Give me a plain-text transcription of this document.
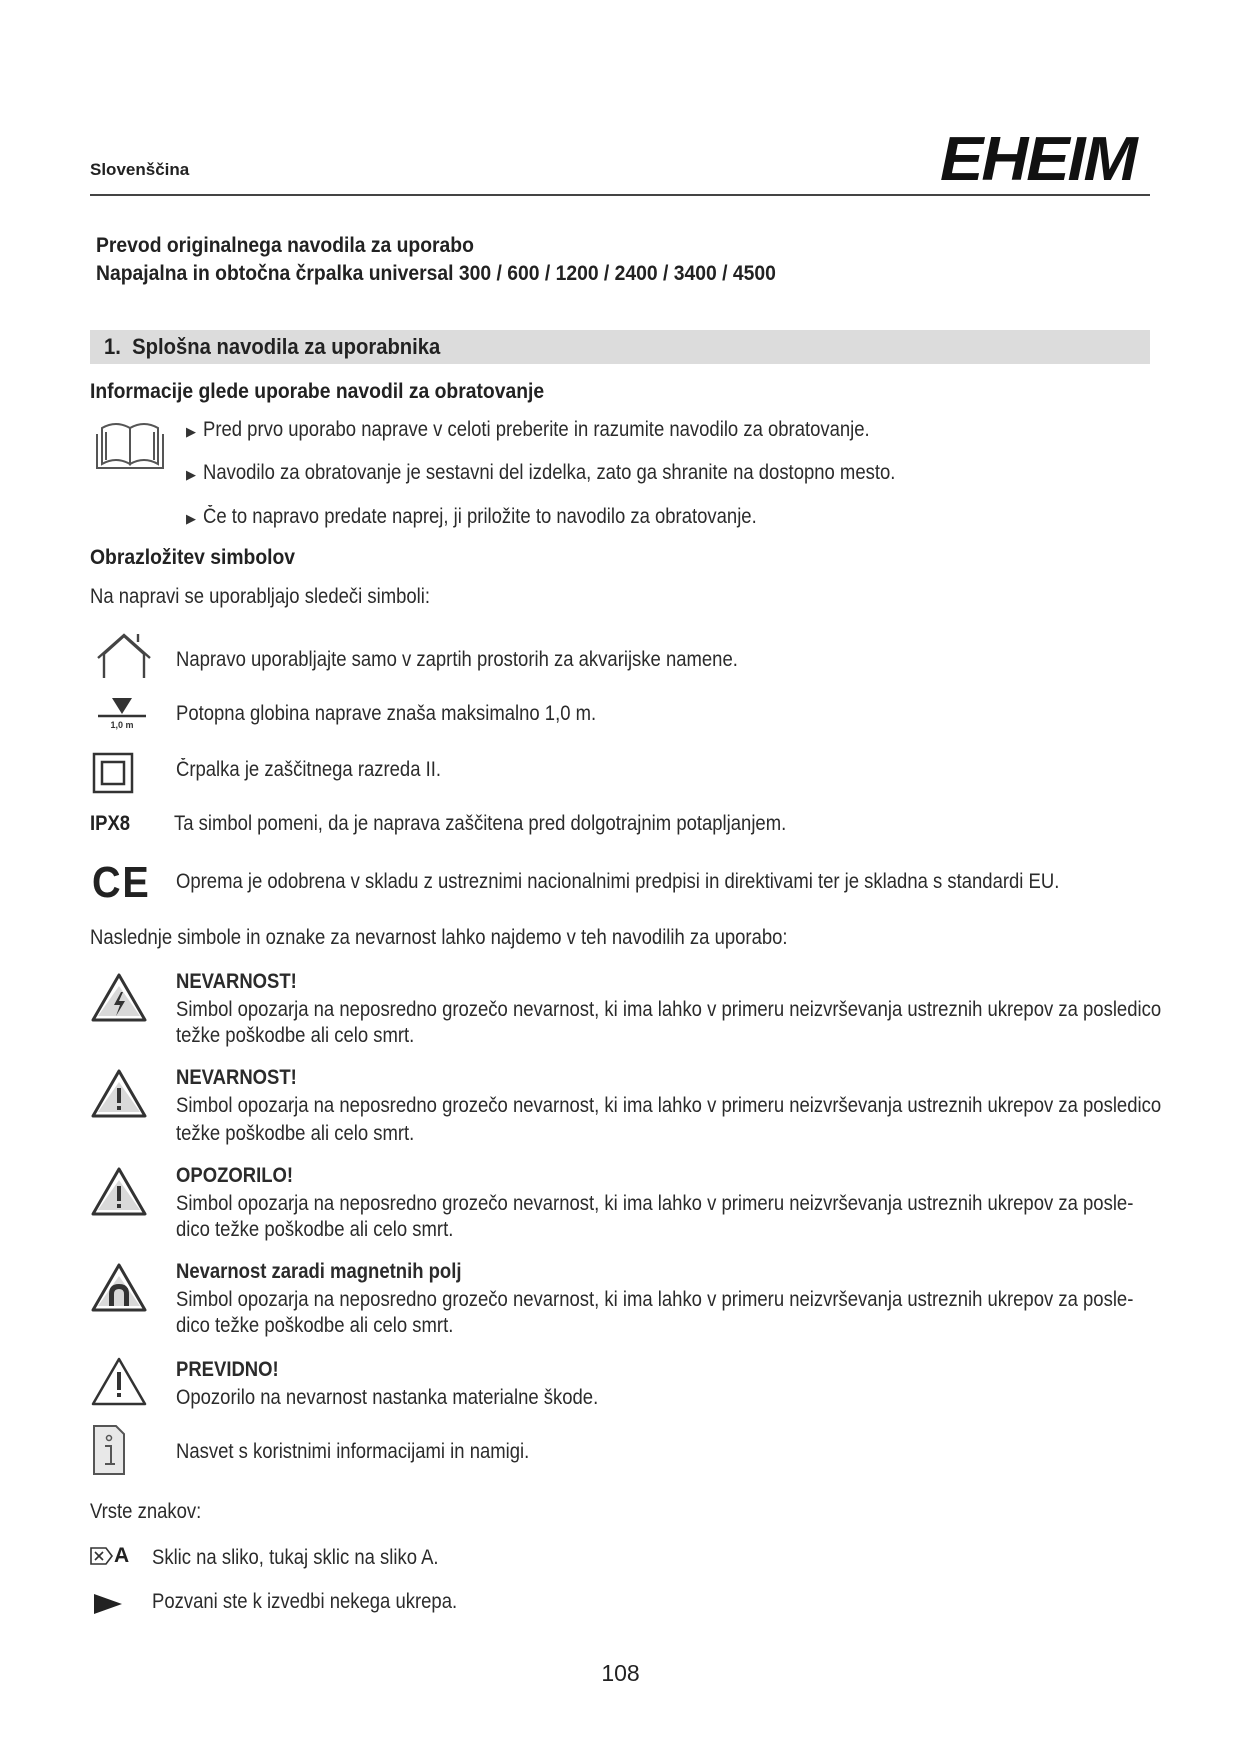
Slovenščina	EHEIM
Prevod originalnega navodila za uporabo
Napajalna in obtočna črpalka universal 300 / 600 / 1200 / 2400 / 3400 / 4500
1. Splošna navodila za uporabnika
Informacije glede uporabe navodil za obratovanje
▶ Pred prvo uporabo naprave v celoti preberite in razumite navodilo za obratovanje.
▶ Navodilo za obratovanje je sestavni del izdelka, zato ga shranite na dostopno mesto.
▶ Če to napravo predate naprej, ji priložite to navodilo za obratovanje.
Obrazložitev simbolov
Na napravi se uporabljajo sledeči simboli:
Napravo uporabljajte samo v zaprtih prostorih za akvarijske namene.
1,0 m Potopna globina naprave znaša maksimalno 1,0 m.
Črpalka je zaščitnega razreda II.
IPX8 Ta simbol pomeni, da je naprava zaščitena pred dolgotrajnim potapljanjem.
CE Oprema je odobrena v skladu z ustreznimi nacionalnimi predpisi in direktivami ter je skladna s standardi EU.
Naslednje simbole in oznake za nevarnost lahko najdemo v teh navodilih za uporabo:
NEVARNOST!
Simbol opozarja na neposredno grozečo nevarnost, ki ima lahko v primeru neizvrševanja ustreznih ukrepov za posledico
težke poškodbe ali celo smrt.
NEVARNOST!
Simbol opozarja na neposredno grozečo nevarnost, ki ima lahko v primeru neizvrševanja ustreznih ukrepov za posledico
težke poškodbe ali celo smrt.
OPOZORILO!
Simbol opozarja na neposredno grozečo nevarnost, ki ima lahko v primeru neizvrševanja ustreznih ukrepov za posle-
dico težke poškodbe ali celo smrt.
Nevarnost zaradi magnetnih polj
Simbol opozarja na neposredno grozečo nevarnost, ki ima lahko v primeru neizvrševanja ustreznih ukrepov za posle-
dico težke poškodbe ali celo smrt.
PREVIDNO!
Opozorilo na nevarnost nastanka materialne škode.
Nasvet s koristnimi informacijami in namigi.
Vrste znakov:
A Sklic na sliko, tukaj sklic na sliko A.
Pozvani ste k izvedbi nekega ukrepa.
108
